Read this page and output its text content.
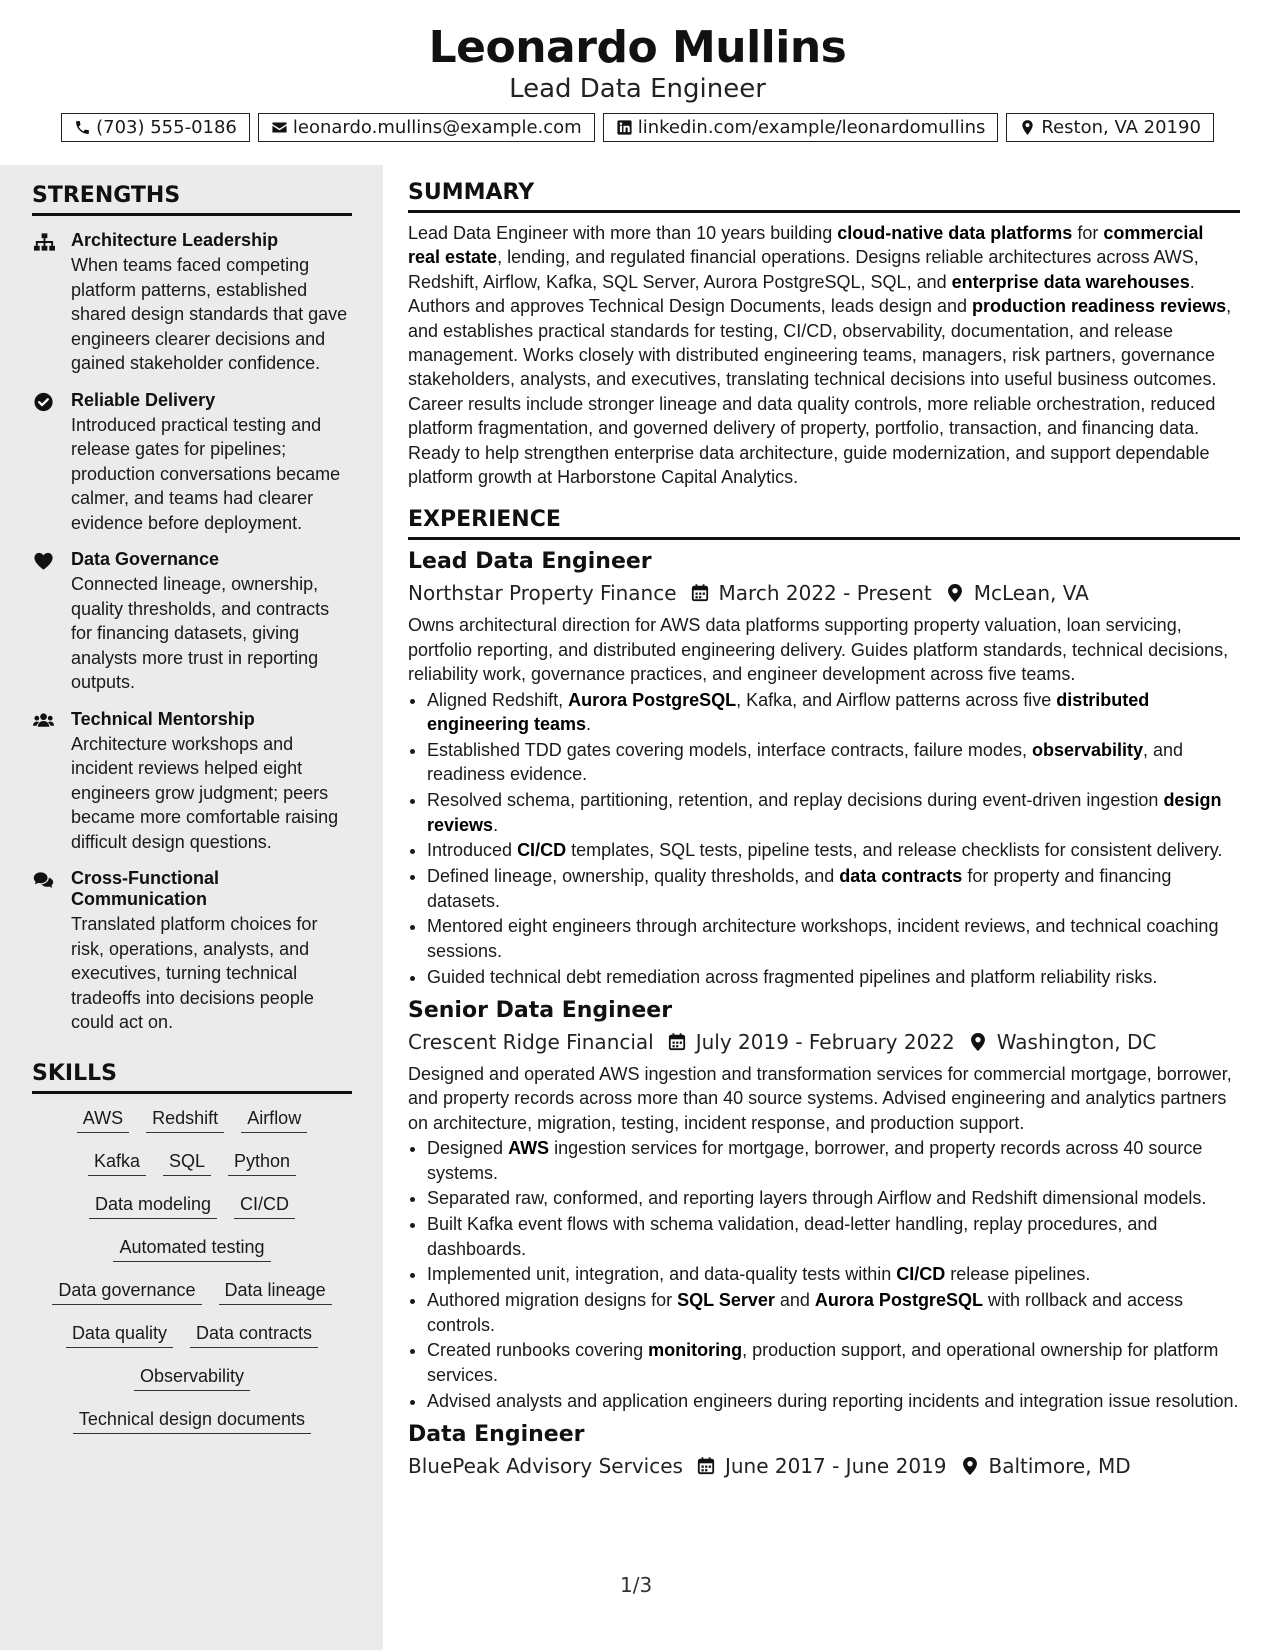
Leonardo Mullins
Lead Data Engineer
(703) 555-0186	leonardo.mullins@example.com	linkedin.com/example/leonardomullins	Reston, VA 20190
STRENGTHS
Architecture Leadership
When teams faced competing platform patterns, established shared design standards that gave engineers clearer decisions and gained stakeholder confidence.
Reliable Delivery
Introduced practical testing and release gates for pipelines; production conversations became calmer, and teams had clearer evidence before deployment.
Data Governance
Connected lineage, ownership, quality thresholds, and contracts for financing datasets, giving analysts more trust in reporting outputs.
Technical Mentorship
Architecture workshops and incident reviews helped eight engineers grow judgment; peers became more comfortable raising difficult design questions.
Cross-Functional Communication
Translated platform choices for risk, operations, analysts, and executives, turning technical tradeoffs into decisions people could act on.
SKILLS
AWS	Redshift	Airflow
Kafka	SQL	Python
Data modeling	CI/CD
Automated testing
Data governance	Data lineage
Data quality	Data contracts
Observability
Technical design documents
SUMMARY
Lead Data Engineer with more than 10 years building cloud-native data platforms for commercial real estate, lending, and regulated financial operations. Designs reliable architectures across AWS, Redshift, Airflow, Kafka, SQL Server, Aurora PostgreSQL, SQL, and enterprise data warehouses. Authors and approves Technical Design Documents, leads design and production readiness reviews, and establishes practical standards for testing, CI/CD, observability, documentation, and release management. Works closely with distributed engineering teams, managers, risk partners, governance stakeholders, analysts, and executives, translating technical decisions into useful business outcomes. Career results include stronger lineage and data quality controls, more reliable orchestration, reduced platform fragmentation, and governed delivery of property, portfolio, transaction, and financing data. Ready to help strengthen enterprise data architecture, guide modernization, and support dependable platform growth at Harborstone Capital Analytics.
EXPERIENCE
Lead Data Engineer
Northstar Property Finance March 2022 - Present McLean, VA
Owns architectural direction for AWS data platforms supporting property valuation, loan servicing, portfolio reporting, and distributed engineering delivery. Guides platform standards, technical decisions, reliability work, governance practices, and engineer development across five teams.
• Aligned Redshift, Aurora PostgreSQL, Kafka, and Airflow patterns across five distributed engineering teams.
• Established TDD gates covering models, interface contracts, failure modes, observability, and readiness evidence.
• Resolved schema, partitioning, retention, and replay decisions during event-driven ingestion design reviews.
• Introduced CI/CD templates, SQL tests, pipeline tests, and release checklists for consistent delivery.
• Defined lineage, ownership, quality thresholds, and data contracts for property and financing datasets.
• Mentored eight engineers through architecture workshops, incident reviews, and technical coaching sessions.
• Guided technical debt remediation across fragmented pipelines and platform reliability risks.
Senior Data Engineer
Crescent Ridge Financial July 2019 - February 2022 Washington, DC
Designed and operated AWS ingestion and transformation services for commercial mortgage, borrower, and property records across more than 40 source systems. Advised engineering and analytics partners on architecture, migration, testing, incident response, and production support.
• Designed AWS ingestion services for mortgage, borrower, and property records across 40 source systems.
• Separated raw, conformed, and reporting layers through Airflow and Redshift dimensional models.
• Built Kafka event flows with schema validation, dead-letter handling, replay procedures, and dashboards.
• Implemented unit, integration, and data-quality tests within CI/CD release pipelines.
• Authored migration designs for SQL Server and Aurora PostgreSQL with rollback and access controls.
• Created runbooks covering monitoring, production support, and operational ownership for platform services.
• Advised analysts and application engineers during reporting incidents and integration issue resolution.
Data Engineer
BluePeak Advisory Services June 2017 - June 2019 Baltimore, MD
1/3
